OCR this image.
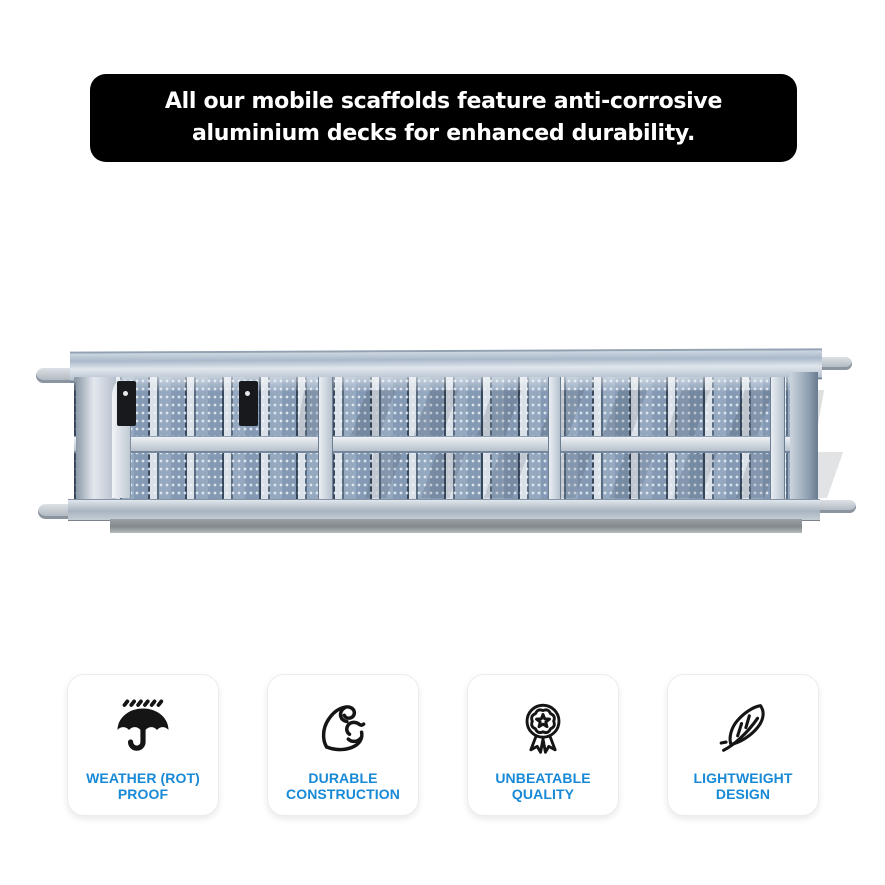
All our mobile scaffolds feature anti-corrosive
aluminium decks for enhanced durability.
WEATHER (ROT)
PROOF
DURABLE
CONSTRUCTION
UNBEATABLE
QUALITY
LIGHTWEIGHT
DESIGN
